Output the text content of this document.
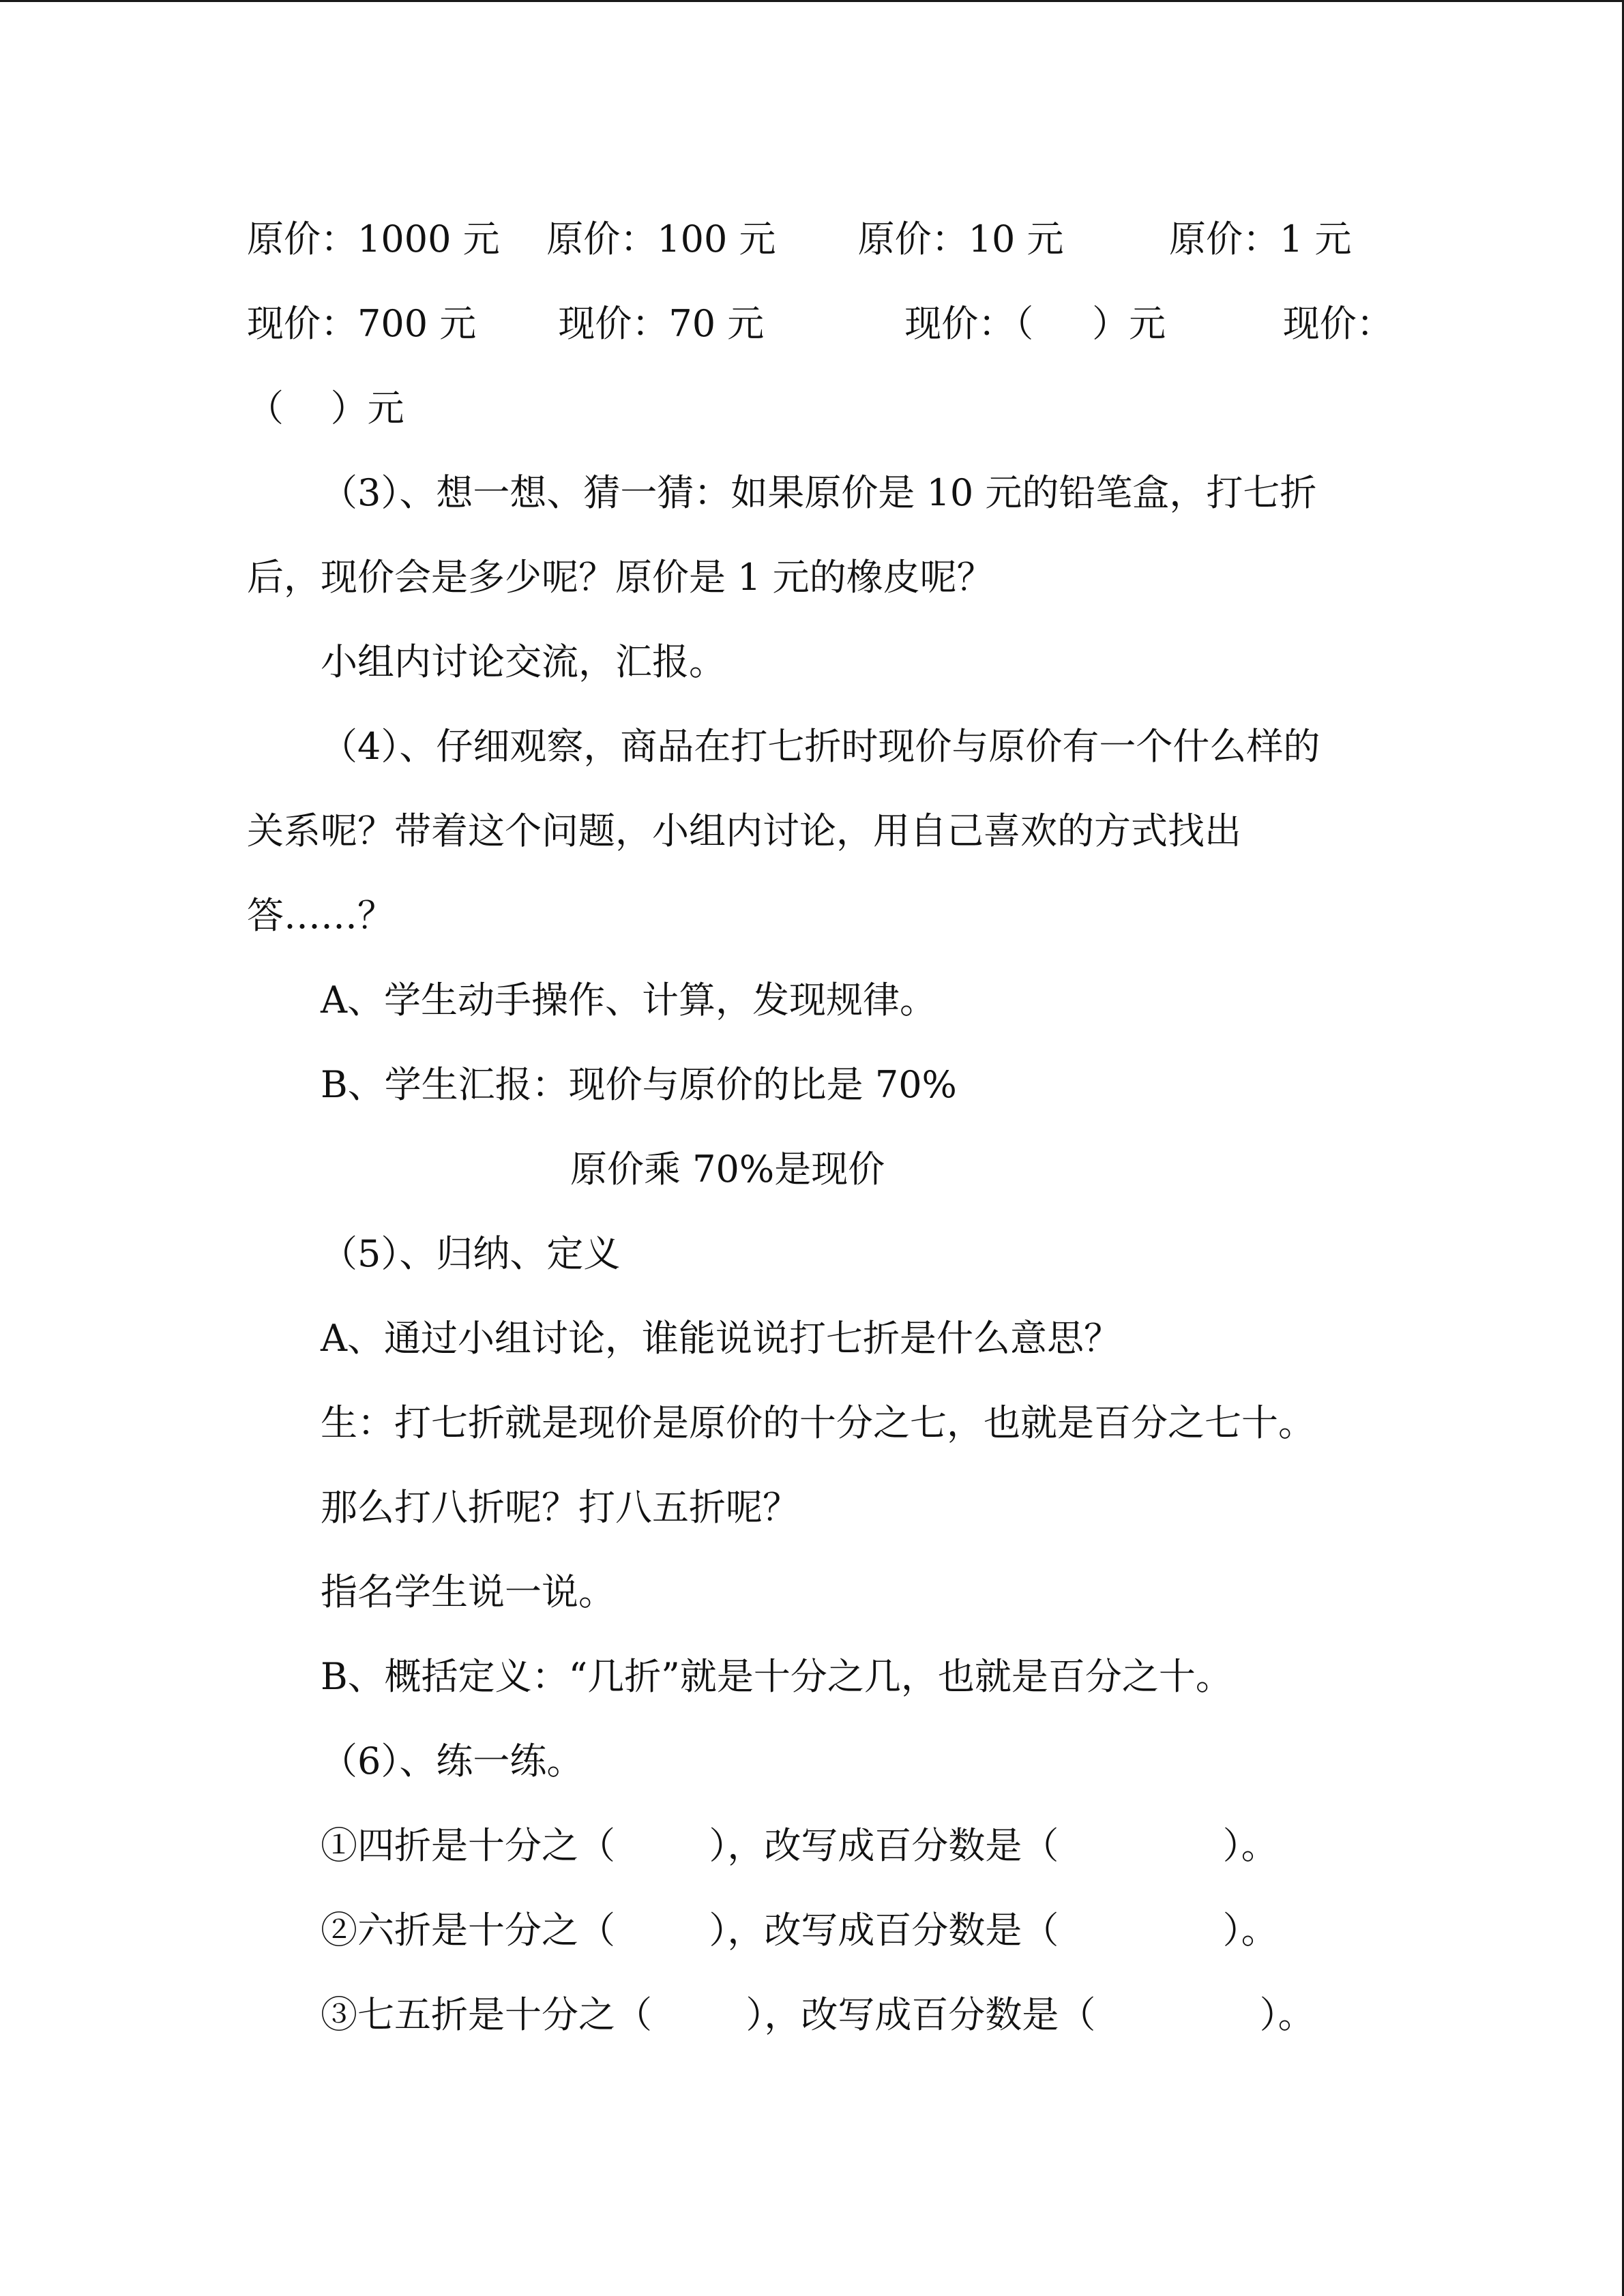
原价：1000 元    原价：100 元       原价：10 元         原价：1 元
现价：700 元       现价：70 元            现价：（     ）元          现价：
（    ）元
（3）、想一想、猜一猜：如果原价是 10 元的铅笔盒，打七折
后，现价会是多少呢？原价是 1 元的橡皮呢？
小组内讨论交流，汇报。
（4）、仔细观察，商品在打七折时现价与原价有一个什么样的
关系呢？带着这个问题，小组内讨论，用自己喜欢的方式找出
答……？
A、学生动手操作、计算，发现规律。
B、学生汇报：现价与原价的比是 70%
原价乘 70%是现价
（5）、归纳、定义
A、通过小组讨论，谁能说说打七折是什么意思？
生：打七折就是现价是原价的十分之七，也就是百分之七十。
那么打八折呢？打八五折呢？
指名学生说一说。
B、概括定义：“几折”就是十分之几，也就是百分之十。
（6）、练一练。
①四折是十分之（        ），改写成百分数是（              ）。
②六折是十分之（        ），改写成百分数是（              ）。
③七五折是十分之（        ），改写成百分数是（              ）。
